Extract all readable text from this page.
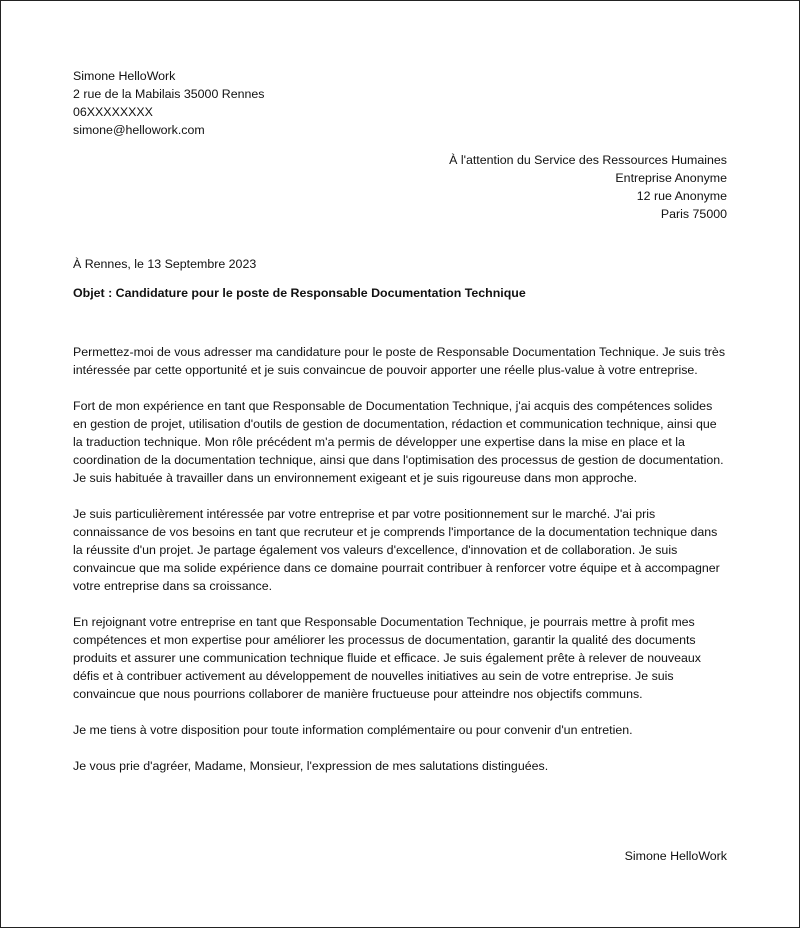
Simone HelloWork
2 rue de la Mabilais 35000 Rennes
06XXXXXXXX
simone@hellowork.com
À l'attention du Service des Ressources Humaines
Entreprise Anonyme
12 rue Anonyme
Paris 75000
À Rennes, le 13 Septembre 2023
Objet : Candidature pour le poste de Responsable Documentation Technique

Permettez-moi de vous adresser ma candidature pour le poste de Responsable Documentation Technique. Je suis très intéressée par cette opportunité et je suis convaincue de pouvoir apporter une réelle plus-value à votre entreprise.

Fort de mon expérience en tant que Responsable de Documentation Technique, j'ai acquis des compétences solides en gestion de projet, utilisation d'outils de gestion de documentation, rédaction et communication technique, ainsi que la traduction technique. Mon rôle précédent m'a permis de développer une expertise dans la mise en place et la coordination de la documentation technique, ainsi que dans l'optimisation des processus de gestion de documentation. Je suis habituée à travailler dans un environnement exigeant et je suis rigoureuse dans mon approche.

Je suis particulièrement intéressée par votre entreprise et par votre positionnement sur le marché. J'ai pris connaissance de vos besoins en tant que recruteur et je comprends l'importance de la documentation technique dans la réussite d'un projet. Je partage également vos valeurs d'excellence, d'innovation et de collaboration. Je suis convaincue que ma solide expérience dans ce domaine pourrait contribuer à renforcer votre équipe et à accompagner votre entreprise dans sa croissance.

En rejoignant votre entreprise en tant que Responsable Documentation Technique, je pourrais mettre à profit mes compétences et mon expertise pour améliorer les processus de documentation, garantir la qualité des documents produits et assurer une communication technique fluide et efficace. Je suis également prête à relever de nouveaux défis et à contribuer activement au développement de nouvelles initiatives au sein de votre entreprise. Je suis convaincue que nous pourrions collaborer de manière fructueuse pour atteindre nos objectifs communs.

Je me tiens à votre disposition pour toute information complémentaire ou pour convenir d'un entretien.

Je vous prie d'agréer, Madame, Monsieur, l'expression de mes salutations distinguées.

Simone HelloWork
